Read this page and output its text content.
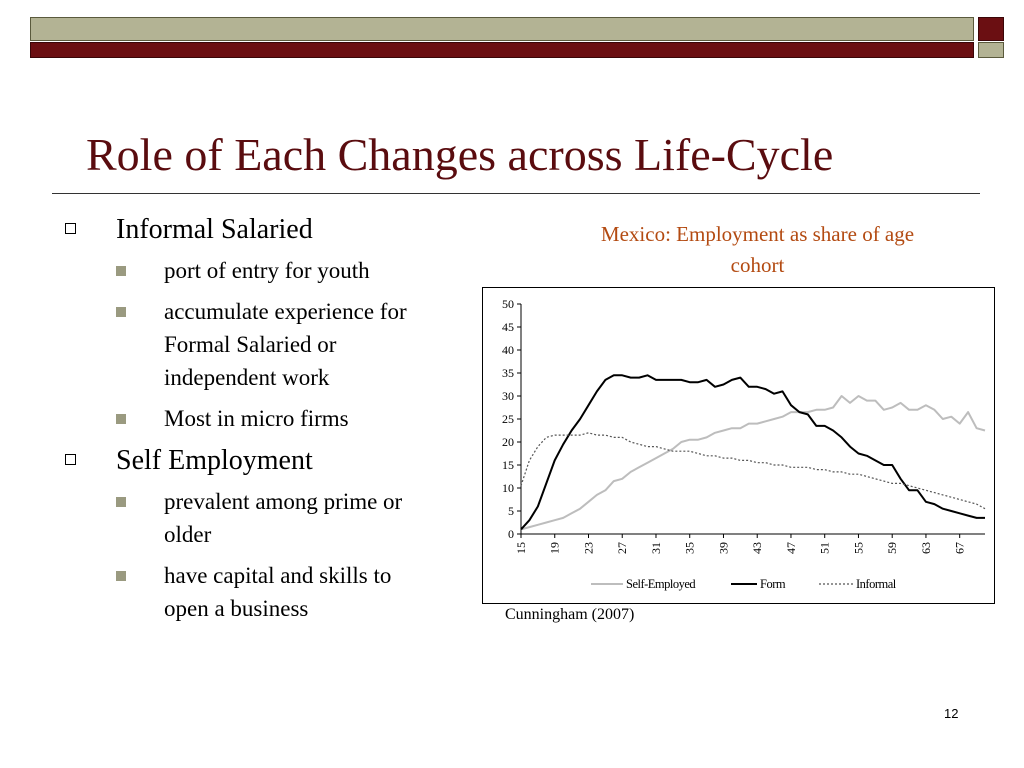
Role of Each Changes across Life-Cycle
Informal Salaried
port of entry for youth
accumulate experience for Formal Salaried or independent work
Most in micro firms
Self Employment
prevalent among prime or older
have capital and skills to open a business
Mexico: Employment as share of age cohort
0
5
10
15
20
25
30
35
40
45
50
15 19 23 27 31 35 39 43 47 51 55 59 63 67
Self-Employed	Form	Informal
Cunningham (2007)
12
